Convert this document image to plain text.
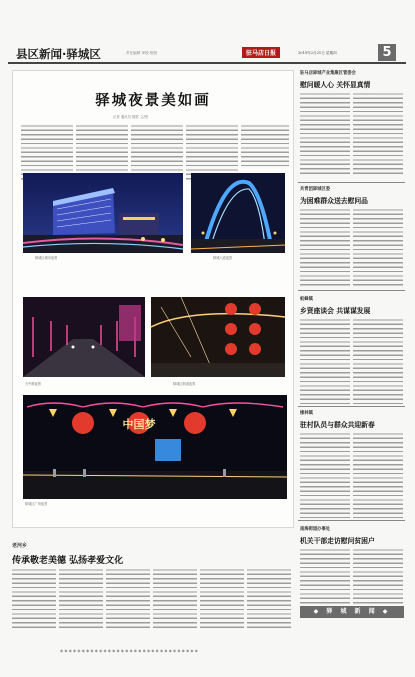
县区新闻·驿城区	责任编辑 审校 排版	驻马店日报	2019年2月21日 星期四	5
驿城夜景美如画
记者 通讯员 摄影 文/图
驿城区城市夜景	驿城大道夜景
天中路夜景	驿城区街道夜景
中国梦
驿城区广场夜景
老河乡
传承敬老美德 弘扬孝爱文化
驻马店驿城产业集聚区管委会
慰问暖人心 关怀显真情
共青团驿城区委
为困难群众送去慰问品
蚁蜂镇
乡贤座谈会 共谋谋发展
橡林镇
驻村队员与群众共迎新春
南海街道办事处
机关干部走访慰问贫困户
◆ 驿 城 新 闻 ◆
◆ ◆ ◆ ◆ ◆ ◆ ◆ ◆ ◆ ◆ ◆ ◆ ◆ ◆ ◆ ◆ ◆ ◆ ◆ ◆ ◆ ◆ ◆ ◆ ◆ ◆ ◆ ◆ ◆ ◆ ◆ ◆
